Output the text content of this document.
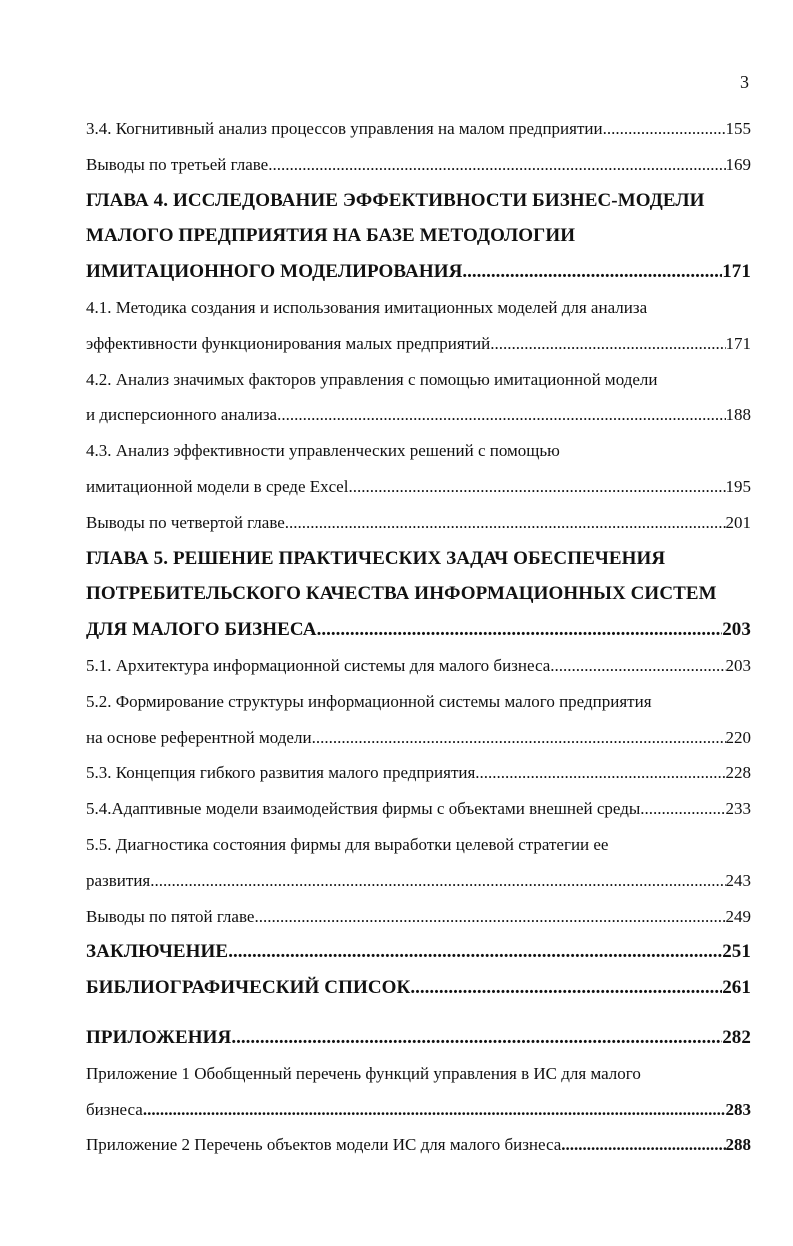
3
3.4. Когнитивный анализ процессов управления на малом предприятии .....	155
Выводы по третьей главе. .....	169
ГЛАВА 4. ИССЛЕДОВАНИЕ ЭФФЕКТИВНОСТИ БИЗНЕС-МОДЕЛИ
МАЛОГО ПРЕДПРИЯТИЯ НА БАЗЕ МЕТОДОЛОГИИ
ИМИТАЦИОННОГО МОДЕЛИРОВАНИЯ .....	171
4.1. Методика создания и использования имитационных моделей для анализа
эффективности функционирования малых предприятий .....	171
4.2. Анализ значимых факторов управления с помощью имитационной модели
и дисперсионного анализа .....	188
4.3. Анализ эффективности управленческих решений с помощью
имитационной модели в среде Excel .....	195
Выводы по четвертой главе .....	201
ГЛАВА 5. РЕШЕНИЕ ПРАКТИЧЕСКИХ ЗАДАЧ ОБЕСПЕЧЕНИЯ
ПОТРЕБИТЕЛЬСКОГО КАЧЕСТВА ИНФОРМАЦИОННЫХ СИСТЕМ
ДЛЯ МАЛОГО БИЗНЕСА .....	203
5.1. Архитектура информационной системы для малого бизнеса .....	203
5.2. Формирование структуры информационной системы малого предприятия
на основе референтной модели .....	220
5.3. Концепция гибкого развития малого предприятия .....	228
5.4.Адаптивные модели взаимодействия фирмы с объектами внешней среды .....	233
5.5. Диагностика состояния фирмы для выработки целевой стратегии ее
развития .....	243
Выводы по пятой главе .....	249
ЗАКЛЮЧЕНИЕ .....	251
БИБЛИОГРАФИЧЕСКИЙ СПИСОК .....	261
ПРИЛОЖЕНИЯ .....	282
Приложение 1 Обобщенный перечень функций управления в ИС для малого
бизнеса .....	283
Приложение 2 Перечень объектов модели ИС для малого бизнеса .....	288
